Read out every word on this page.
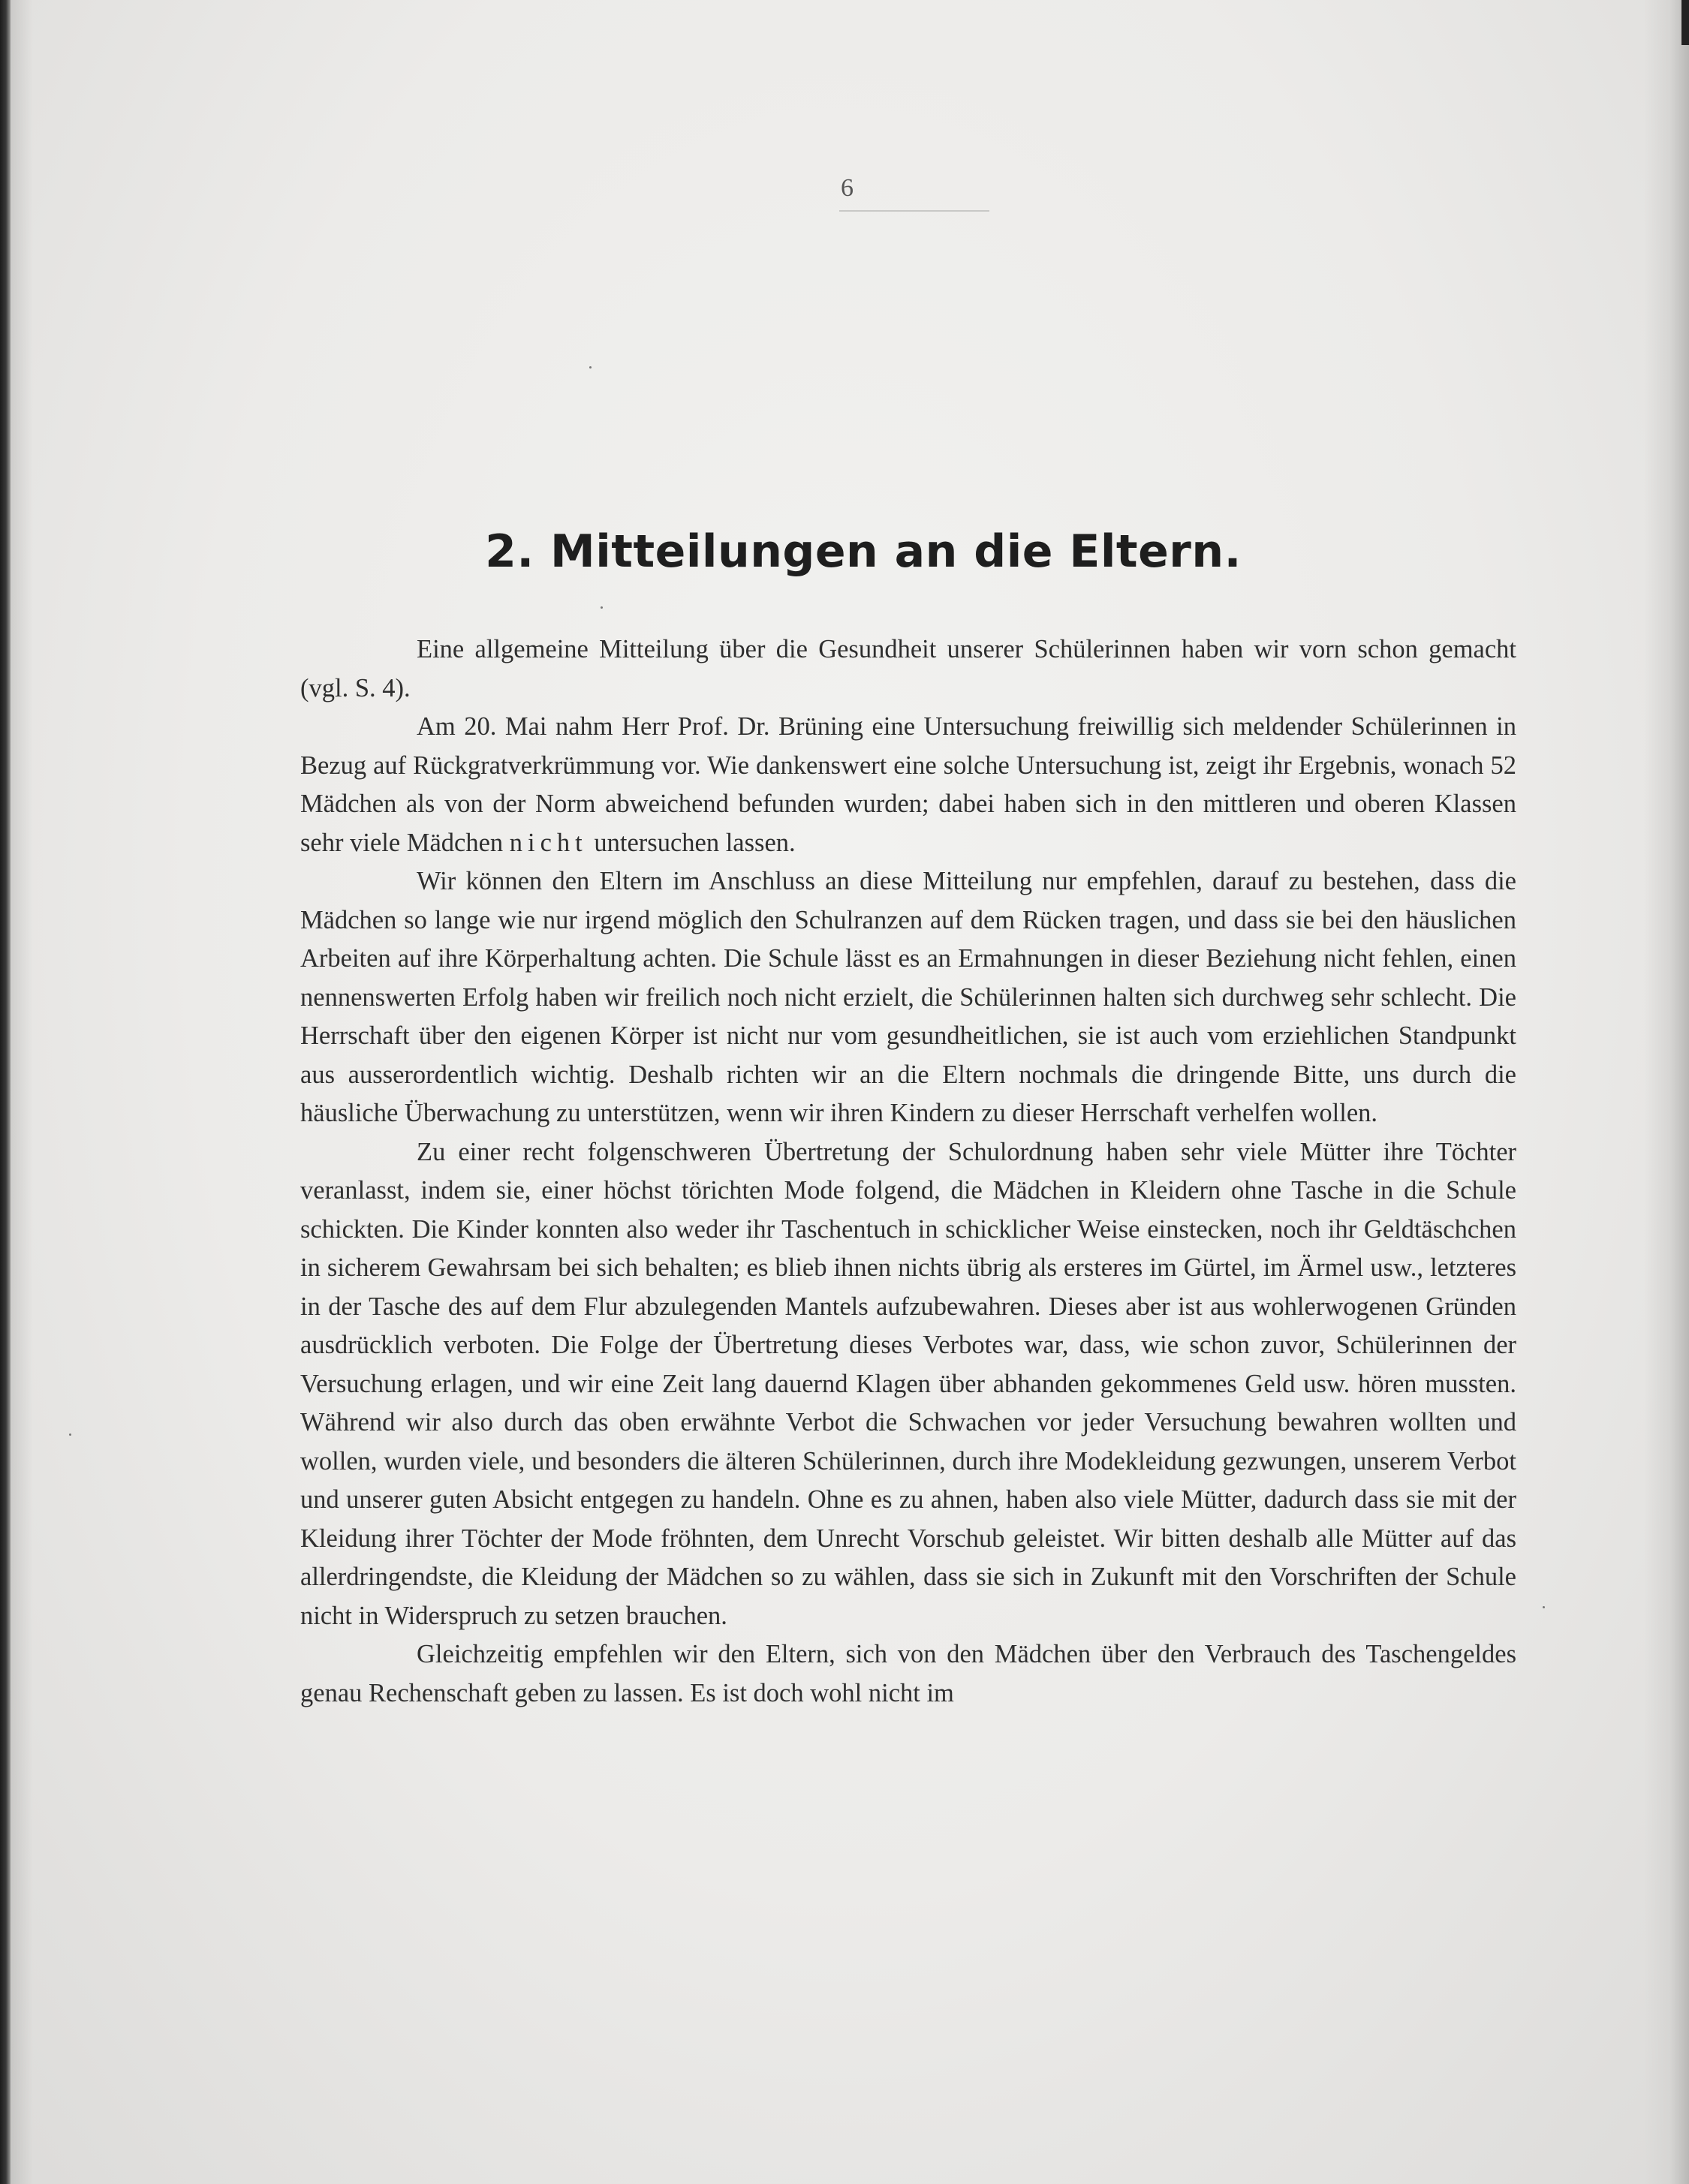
6
2. Mitteilungen an die Eltern.

Eine allgemeine Mitteilung über die Gesundheit unserer Schülerinnen haben wir vorn schon gemacht (vgl. S. 4).

Am 20. Mai nahm Herr Prof. Dr. Brüning eine Untersuchung freiwillig sich meldender Schülerinnen in Bezug auf Rückgratverkrümmung vor. Wie dankenswert eine solche Untersuchung ist, zeigt ihr Ergebnis, wonach 52 Mädchen als von der Norm abweichend befunden wurden; dabei haben sich in den mittleren und oberen Klassen sehr viele Mädchen nicht untersuchen lassen.

Wir können den Eltern im Anschluss an diese Mitteilung nur empfehlen, darauf zu bestehen, dass die Mädchen so lange wie nur irgend möglich den Schulranzen auf dem Rücken tragen, und dass sie bei den häuslichen Arbeiten auf ihre Körperhaltung achten. Die Schule lässt es an Ermahnungen in dieser Beziehung nicht fehlen, einen nennenswerten Erfolg haben wir freilich noch nicht erzielt, die Schülerinnen halten sich durchweg sehr schlecht. Die Herrschaft über den eigenen Körper ist nicht nur vom gesundheitlichen, sie ist auch vom erziehlichen Standpunkt aus ausserordentlich wichtig. Deshalb richten wir an die Eltern nochmals die dringende Bitte, uns durch die häusliche Überwachung zu unterstützen, wenn wir ihren Kindern zu dieser Herrschaft verhelfen wollen.

Zu einer recht folgenschweren Übertretung der Schulordnung haben sehr viele Mütter ihre Töchter veranlasst, indem sie, einer höchst törichten Mode folgend, die Mädchen in Kleidern ohne Tasche in die Schule schickten. Die Kinder konnten also weder ihr Taschentuch in schicklicher Weise einstecken, noch ihr Geldtäschchen in sicherem Gewahrsam bei sich behalten; es blieb ihnen nichts übrig als ersteres im Gürtel, im Ärmel usw., letzteres in der Tasche des auf dem Flur abzulegenden Mantels aufzubewahren. Dieses aber ist aus wohlerwogenen Gründen ausdrücklich verboten. Die Folge der Übertretung dieses Verbotes war, dass, wie schon zuvor, Schülerinnen der Versuchung erlagen, und wir eine Zeit lang dauernd Klagen über abhanden gekommenes Geld usw. hören mussten. Während wir also durch das oben erwähnte Verbot die Schwachen vor jeder Versuchung bewahren wollten und wollen, wurden viele, und besonders die älteren Schülerinnen, durch ihre Modekleidung gezwungen, unserem Verbot und unserer guten Absicht entgegen zu handeln. Ohne es zu ahnen, haben also viele Mütter, dadurch dass sie mit der Kleidung ihrer Töchter der Mode fröhnten, dem Unrecht Vorschub geleistet. Wir bitten deshalb alle Mütter auf das allerdringendste, die Kleidung der Mädchen so zu wählen, dass sie sich in Zukunft mit den Vorschriften der Schule nicht in Widerspruch zu setzen brauchen.

Gleichzeitig empfehlen wir den Eltern, sich von den Mädchen über den Verbrauch des Taschengeldes genau Rechenschaft geben zu lassen. Es ist doch wohl nicht im
